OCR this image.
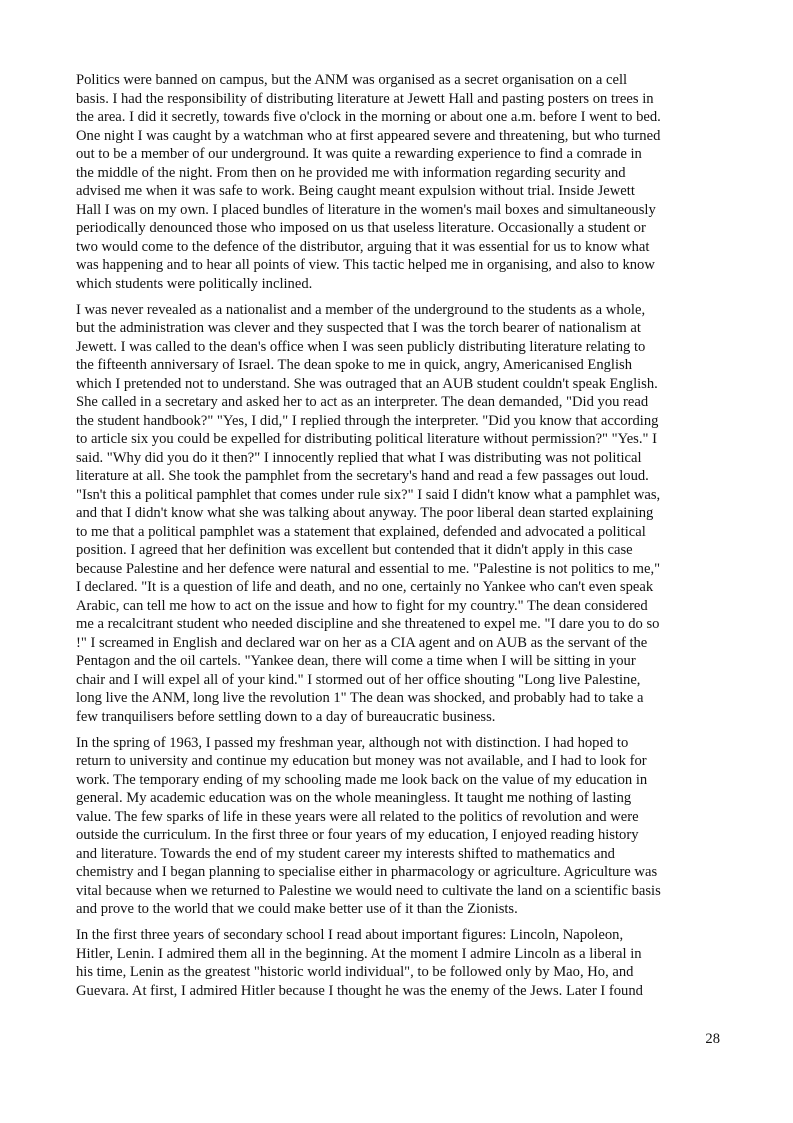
Politics were banned on campus, but the ANM was organised as a secret organisation on a cell
basis. I had the responsibility of distributing literature at Jewett Hall and pasting posters on trees in
the area. I did it secretly, towards five o'clock in the morning or about one a.m. before I went to bed.
One night I was caught by a watchman who at first appeared severe and threatening, but who turned
out to be a member of our underground. It was quite a rewarding experience to find a comrade in
the middle of the night. From then on he provided me with information regarding security and
advised me when it was safe to work. Being caught meant expulsion without trial. Inside Jewett
Hall I was on my own. I placed bundles of literature in the women's mail boxes and simultaneously
periodically denounced those who imposed on us that useless literature. Occasionally a student or
two would come to the defence of the distributor, arguing that it was essential for us to know what
was happening and to hear all points of view. This tactic helped me in organising, and also to know
which students were politically inclined.
I was never revealed as a nationalist and a member of the underground to the students as a whole,
but the administration was clever and they suspected that I was the torch bearer of nationalism at
Jewett. I was called to the dean's office when I was seen publicly distributing literature relating to
the fifteenth anniversary of Israel. The dean spoke to me in quick, angry, Americanised English
which I pretended not to understand. She was outraged that an AUB student couldn't speak English.
She called in a secretary and asked her to act as an interpreter. The dean demanded, "Did you read
the student handbook?" "Yes, I did," I replied through the interpreter. "Did you know that according
to article six you could be expelled for distributing political literature without permission?" "Yes." I
said. "Why did you do it then?" I innocently replied that what I was distributing was not political
literature at all. She took the pamphlet from the secretary's hand and read a few passages out loud.
"Isn't this a political pamphlet that comes under rule six?" I said I didn't know what a pamphlet was,
and that I didn't know what she was talking about anyway. The poor liberal dean started explaining
to me that a political pamphlet was a statement that explained, defended and advocated a political
position. I agreed that her definition was excellent but contended that it didn't apply in this case
because Palestine and her defence were natural and essential to me. "Palestine is not politics to me,"
I declared. "It is a question of life and death, and no one, certainly no Yankee who can't even speak
Arabic, can tell me how to act on the issue and how to fight for my country." The dean considered
me a recalcitrant student who needed discipline and she threatened to expel me. "I dare you to do so
!" I screamed in English and declared war on her as a CIA agent and on AUB as the servant of the
Pentagon and the oil cartels. "Yankee dean, there will come a time when I will be sitting in your
chair and I will expel all of your kind." I stormed out of her office shouting "Long live Palestine,
long live the ANM, long live the revolution 1" The dean was shocked, and probably had to take a
few tranquilisers before settling down to a day of bureaucratic business.
In the spring of 1963, I passed my freshman year, although not with distinction. I had hoped to
return to university and continue my education but money was not available, and I had to look for
work. The temporary ending of my schooling made me look back on the value of my education in
general. My academic education was on the whole meaningless. It taught me nothing of lasting
value. The few sparks of life in these years were all related to the politics of revolution and were
outside the curriculum. In the first three or four years of my education, I enjoyed reading history
and literature. Towards the end of my student career my interests shifted to mathematics and
chemistry and I began planning to specialise either in pharmacology or agriculture. Agriculture was
vital because when we returned to Palestine we would need to cultivate the land on a scientific basis
and prove to the world that we could make better use of it than the Zionists.
In the first three years of secondary school I read about important figures: Lincoln, Napoleon,
Hitler, Lenin. I admired them all in the beginning. At the moment I admire Lincoln as a liberal in
his time, Lenin as the greatest "historic world individual", to be followed only by Mao, Ho, and
Guevara. At first, I admired Hitler because I thought he was the enemy of the Jews. Later I found
28
